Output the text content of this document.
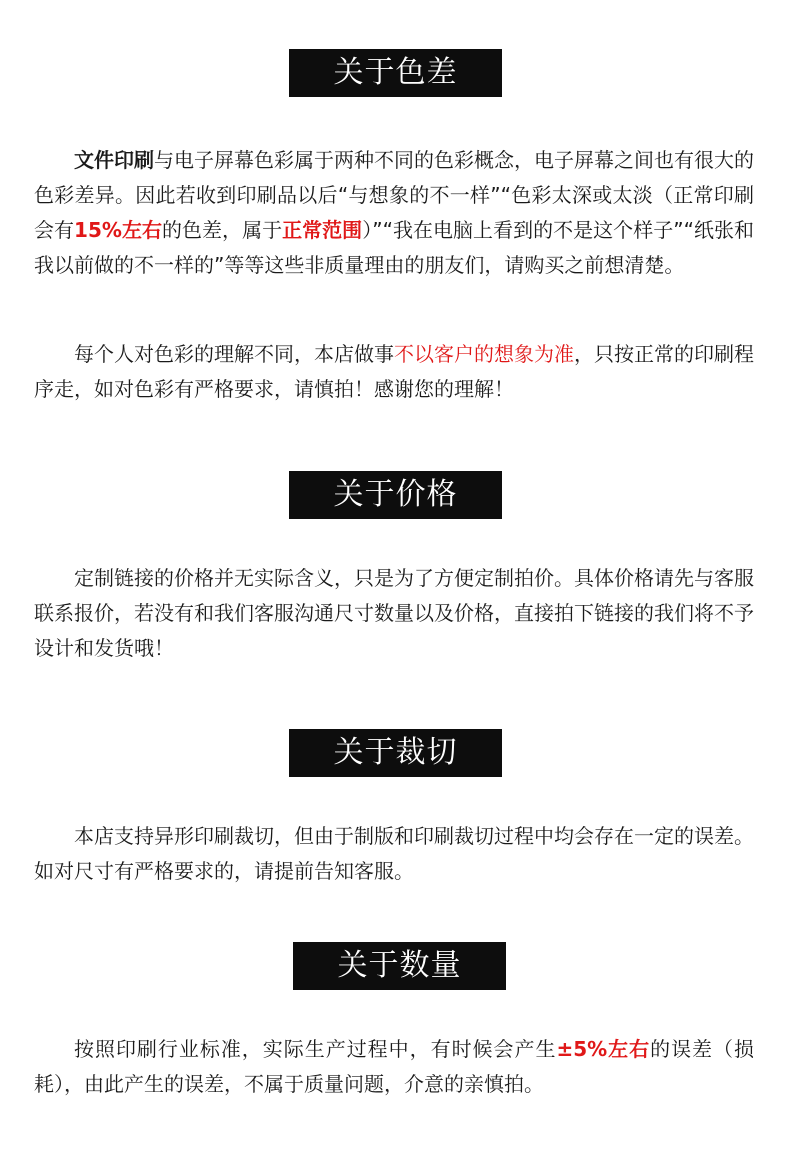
关于色差

文件印刷与电子屏幕色彩属于两种不同的色彩概念，电子屏幕之间也有很大的色彩差异。因此若收到印刷品以后“与想象的不一样”“色彩太深或太淡（正常印刷会有15%左右的色差，属于正常范围）”“我在电脑上看到的不是这个样子”“纸张和我以前做的不一样的”等等这些非质量理由的朋友们，请购买之前想清楚。

每个人对色彩的理解不同，本店做事不以客户的想象为准，只按正常的印刷程序走，如对色彩有严格要求，请慎拍！感谢您的理解！

关于价格

定制链接的价格并无实际含义，只是为了方便定制拍价。具体价格请先与客服联系报价，若没有和我们客服沟通尺寸数量以及价格，直接拍下链接的我们将不予设计和发货哦！

关于裁切

本店支持异形印刷裁切，但由于制版和印刷裁切过程中均会存在一定的误差。如对尺寸有严格要求的，请提前告知客服。

关于数量

按照印刷行业标准，实际生产过程中，有时候会产生±5%左右的误差（损耗），由此产生的误差，不属于质量问题，介意的亲慎拍。
